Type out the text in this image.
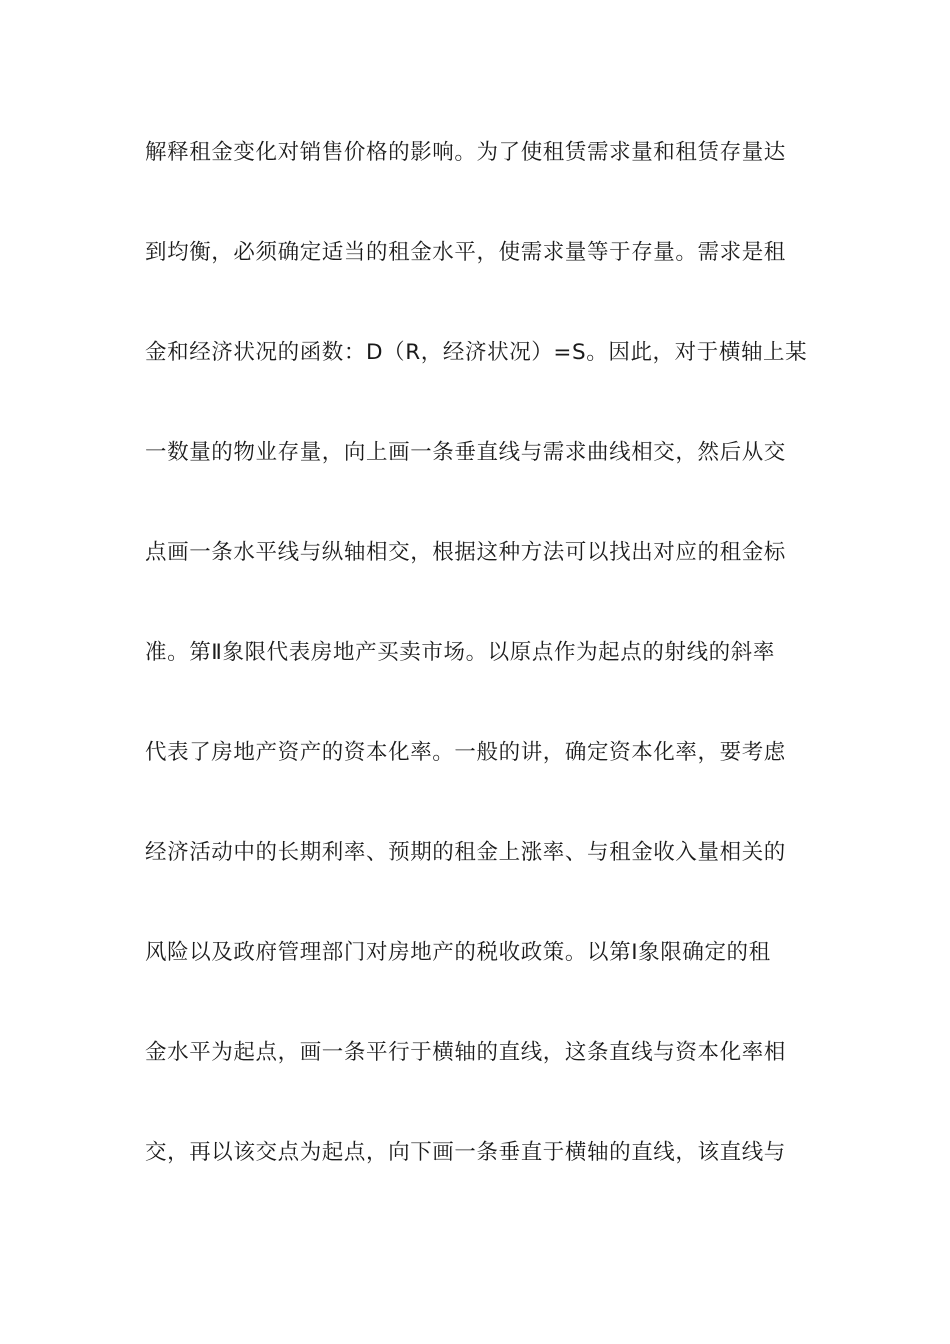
解释租金变化对销售价格的影响。为了使租赁需求量和租赁存量达
到均衡，必须确定适当的租金水平，使需求量等于存量。需求是租
金和经济状况的函数：D（R，经济状况）=S。因此，对于横轴上某
一数量的物业存量，向上画一条垂直线与需求曲线相交，然后从交
点画一条水平线与纵轴相交，根据这种方法可以找出对应的租金标
准。第Ⅱ象限代表房地产买卖市场。以原点作为起点的射线的斜率
代表了房地产资产的资本化率。一般的讲，确定资本化率，要考虑
经济活动中的长期利率、预期的租金上涨率、与租金收入量相关的
风险以及政府管理部门对房地产的税收政策。以第Ⅰ象限确定的租
金水平为起点，画一条平行于横轴的直线，这条直线与资本化率相
交，再以该交点为起点，向下画一条垂直于横轴的直线，该直线与
